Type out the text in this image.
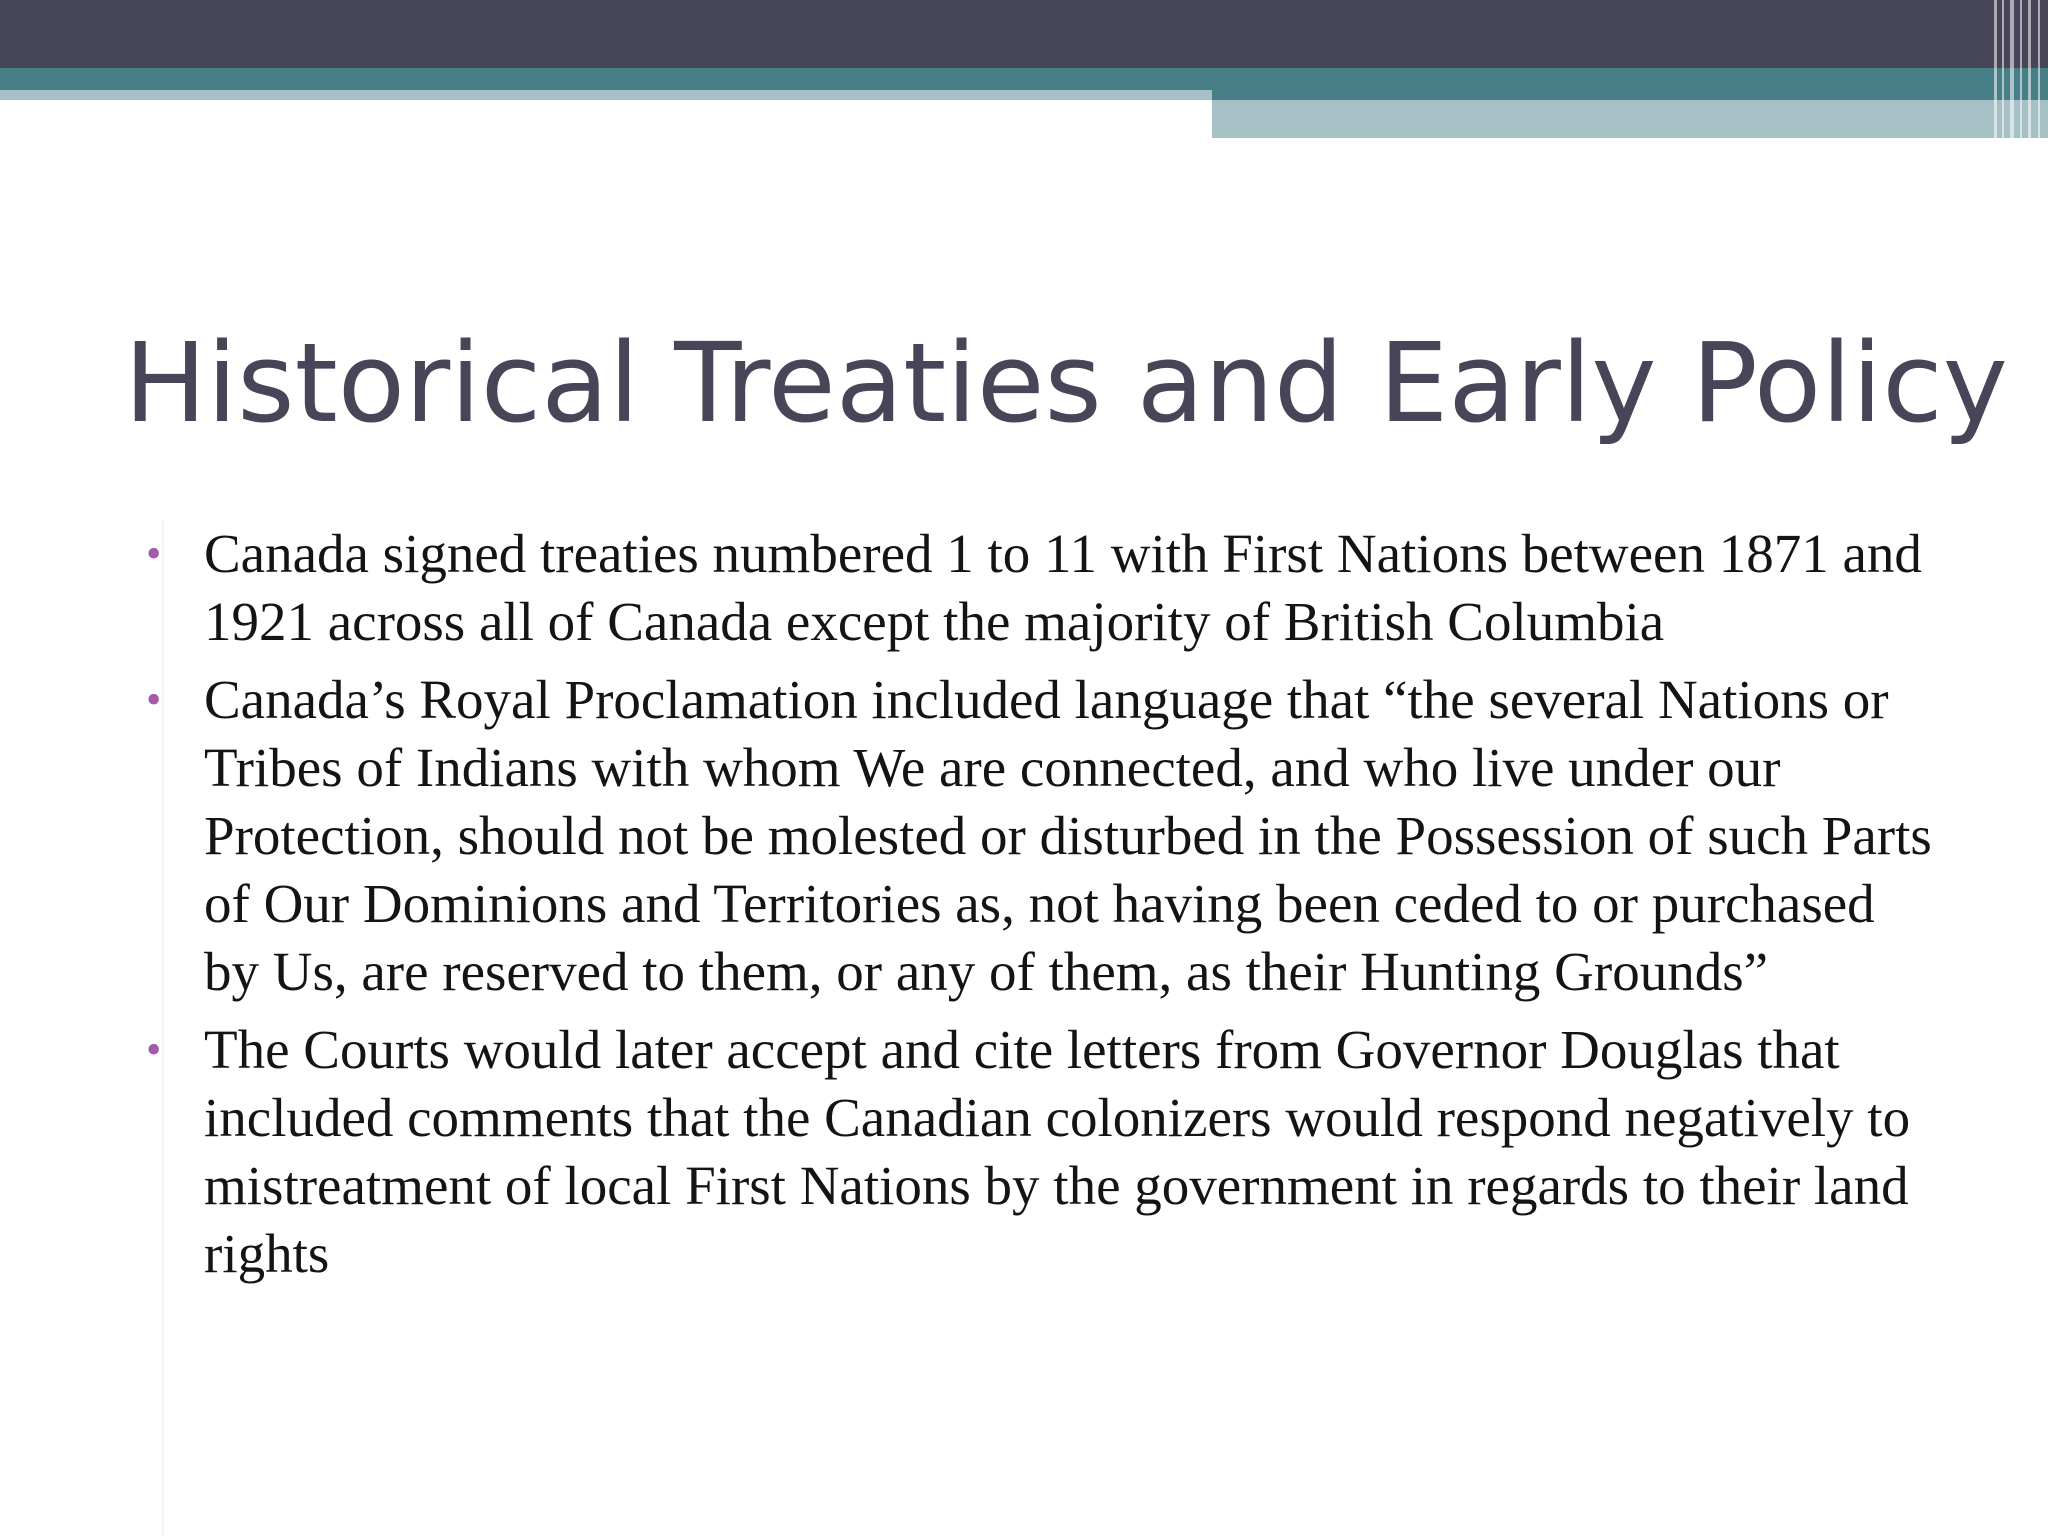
Historical Treaties and Early Policy
• Canada signed treaties numbered 1 to 11 with First Nations between 1871 and 1921 across all of Canada except the majority of British Columbia
• Canada’s Royal Proclamation included language that “the several Nations or Tribes of Indians with whom We are connected, and who live under our Protection, should not be molested or disturbed in the Possession of such Parts of Our Dominions and Territories as, not having been ceded to or purchased by Us, are reserved to them, or any of them, as their Hunting Grounds”
• The Courts would later accept and cite letters from Governor Douglas that included comments that the Canadian colonizers would respond negatively to mistreatment of local First Nations by the government in regards to their land rights
